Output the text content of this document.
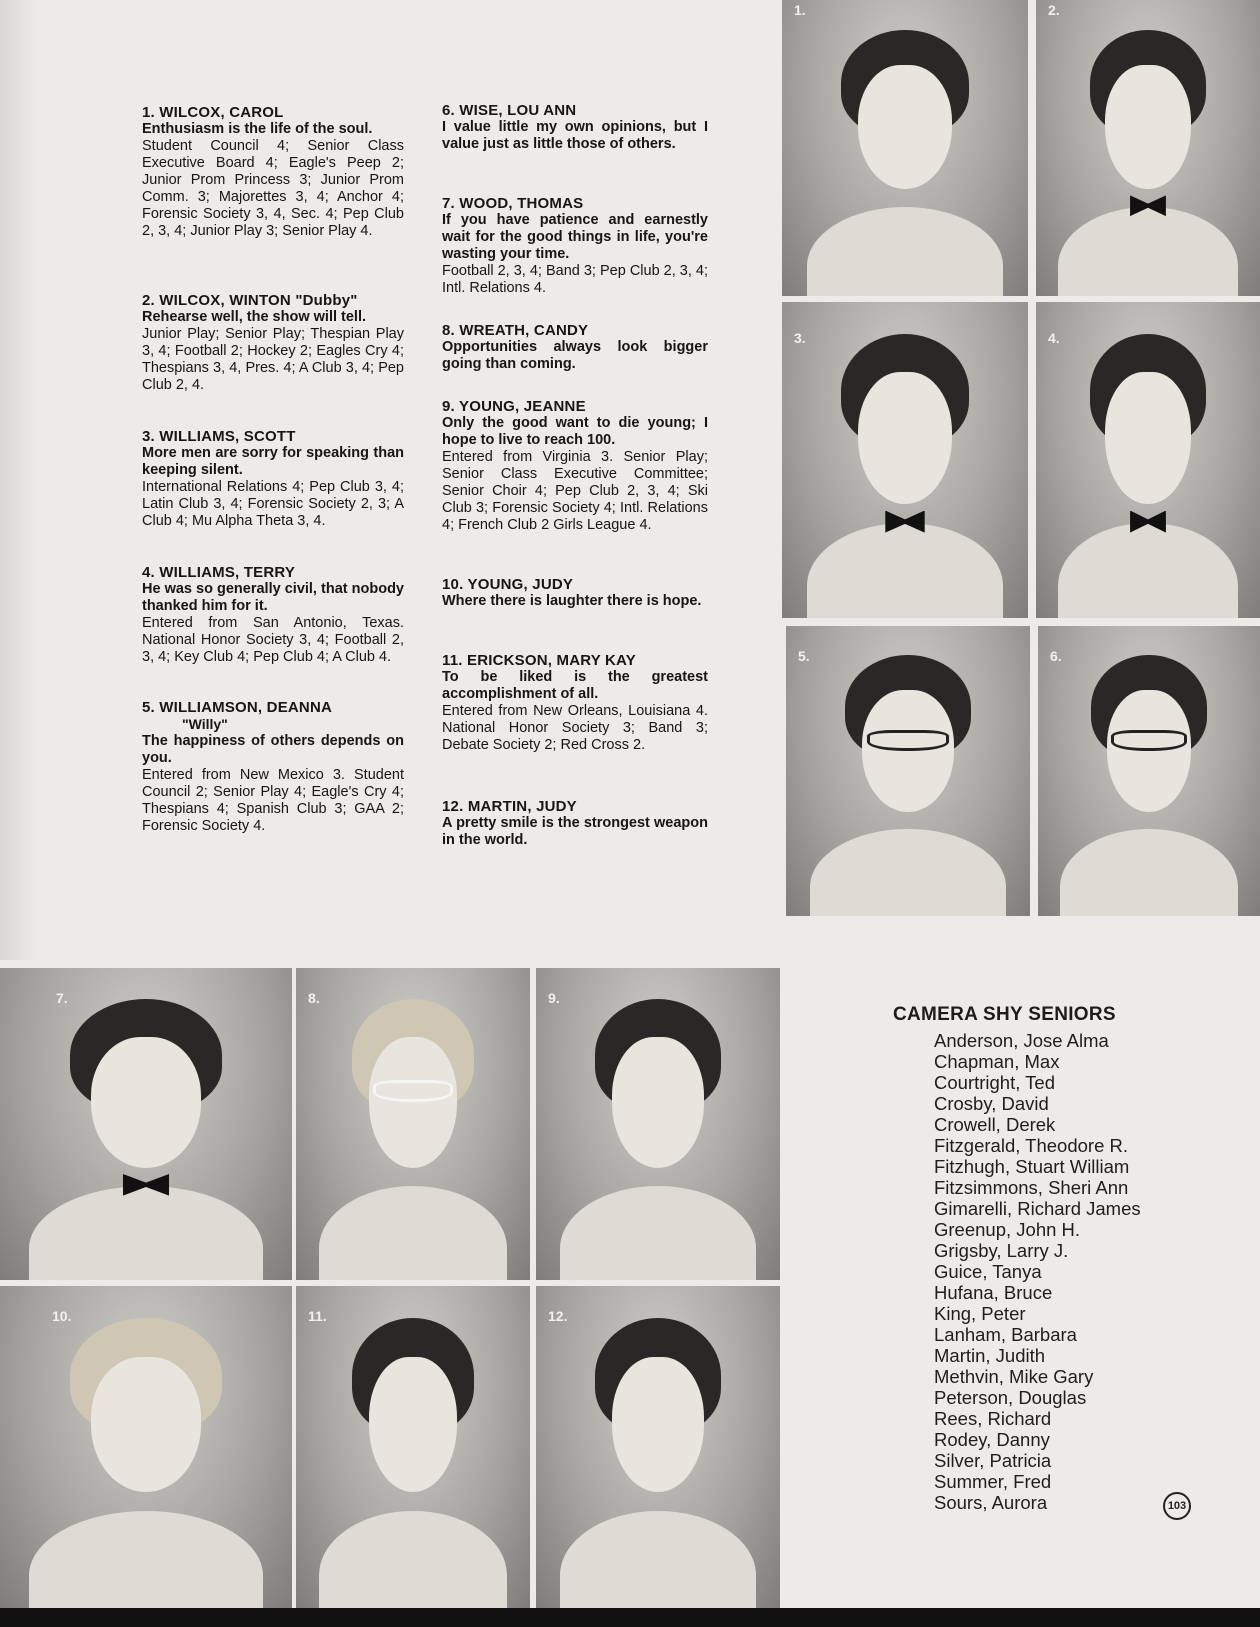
1. WILCOX, CAROL
Enthusiasm is the life of the soul.
Student Council 4; Senior Class Executive Board 4; Eagle's Peep 2; Junior Prom Princess 3; Junior Prom Comm. 3; Majorettes 3, 4; Anchor 4; Forensic Society 3, 4, Sec. 4; Pep Club 2, 3, 4; Junior Play 3; Senior Play 4.
2. WILCOX, WINTON "Dubby"
Rehearse well, the show will tell.
Junior Play; Senior Play; Thespian Play 3, 4; Football 2; Hockey 2; Eagles Cry 4; Thespians 3, 4, Pres. 4; A Club 3, 4; Pep Club 2, 4.
3. WILLIAMS, SCOTT
More men are sorry for speaking than keeping silent.
International Relations 4; Pep Club 3, 4; Latin Club 3, 4; Forensic Society 2, 3; A Club 4; Mu Alpha Theta 3, 4.
4. WILLIAMS, TERRY
He was so generally civil, that nobody thanked him for it.
Entered from San Antonio, Texas. National Honor Society 3, 4; Football 2, 3, 4; Key Club 4; Pep Club 4; A Club 4.
5. WILLIAMSON, DEANNA
"Willy"
The happiness of others depends on you.
Entered from New Mexico 3. Student Council 2; Senior Play 4; Eagle's Cry 4; Thespians 4; Spanish Club 3; GAA 2; Forensic Society 4.
6. WISE, LOU ANN
I value little my own opinions, but I value just as little those of others.
7. WOOD, THOMAS
If you have patience and earnestly wait for the good things in life, you're wasting your time.
Football 2, 3, 4; Band 3; Pep Club 2, 3, 4; Intl. Relations 4.
8. WREATH, CANDY
Opportunities always look bigger going than coming.
9. YOUNG, JEANNE
Only the good want to die young; I hope to live to reach 100.
Entered from Virginia 3. Senior Play; Senior Class Executive Committee; Senior Choir 4; Pep Club 2, 3, 4; Ski Club 3; Forensic Society 4; Intl. Relations 4; French Club 2 Girls League 4.
10. YOUNG, JUDY
Where there is laughter there is hope.
11. ERICKSON, MARY KAY
To be liked is the greatest accomplishment of all.
Entered from New Orleans, Louisiana 4. National Honor Society 3; Band 3; Debate Society 2; Red Cross 2.
12. MARTIN, JUDY
A pretty smile is the strongest weapon in the world.
1.	2.
3.	4.
5.	6.
7.	8.	9.
10.	11.	12.
CAMERA SHY SENIORS
Anderson, Jose Alma
Chapman, Max
Courtright, Ted
Crosby, David
Crowell, Derek
Fitzgerald, Theodore R.
Fitzhugh, Stuart William
Fitzsimmons, Sheri Ann
Gimarelli, Richard James
Greenup, John H.
Grigsby, Larry J.
Guice, Tanya
Hufana, Bruce
King, Peter
Lanham, Barbara
Martin, Judith
Methvin, Mike Gary
Peterson, Douglas
Rees, Richard
Rodey, Danny
Silver, Patricia
Summer, Fred
Sours, Aurora	103
